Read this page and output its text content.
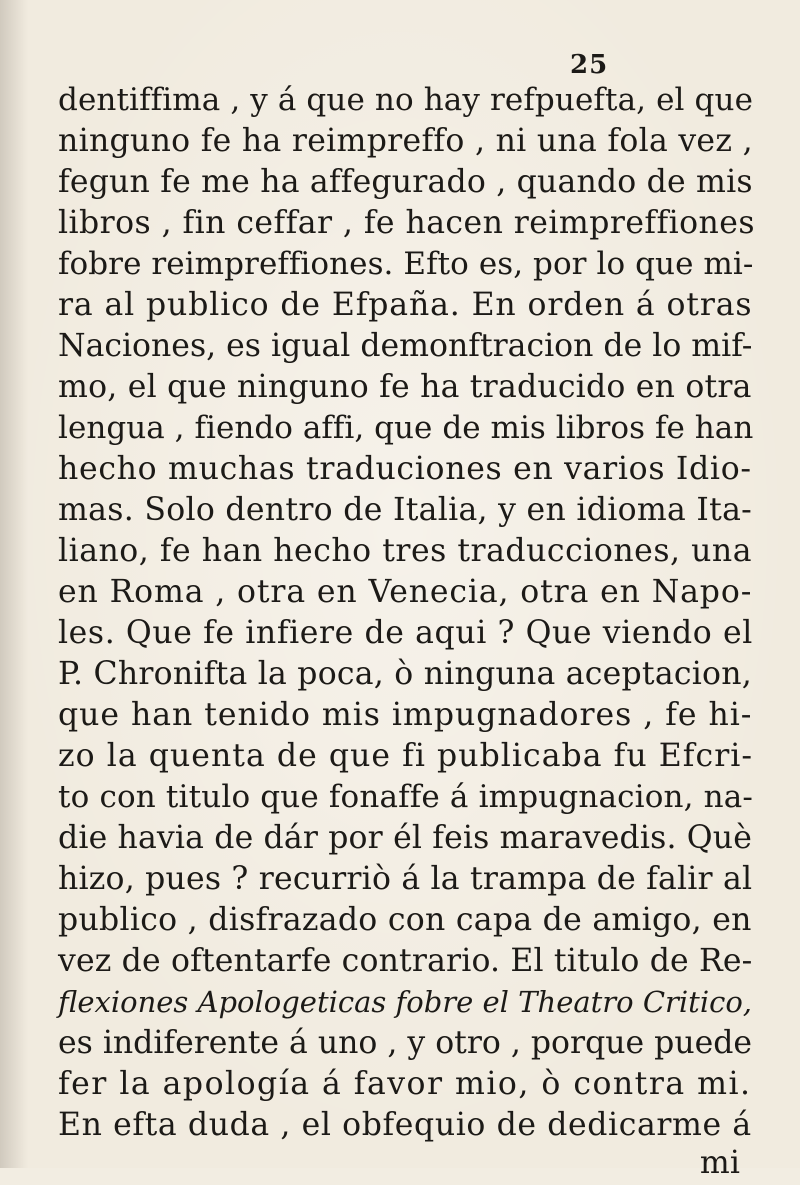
25
dentiffima , y á que no hay refpuefta, el que
ninguno fe ha reimpreffo , ni una fola vez ,
fegun fe me ha affegurado , quando de mis
libros , fin ceffar , fe hacen reimpreffiones
fobre reimpreffiones. Efto es, por lo que mi-
ra al publico de Efpaña. En orden á otras
Naciones, es igual demonftracion de lo mif-
mo, el que ninguno fe ha traducido en otra
lengua , fiendo affi, que de mis libros fe han
hecho muchas traduciones en varios Idio-
mas. Solo dentro de Italia, y en idioma Ita-
liano, fe han hecho tres traducciones, una
en Roma , otra en Venecia, otra en Napo-
les. Que fe infiere de aqui ? Que viendo el
P. Chronifta la poca, ò ninguna aceptacion,
que han tenido mis impugnadores , fe hi-
zo la quenta de que fi publicaba fu Efcri-
to con titulo que fonaffe á impugnacion, na-
die havia de dár por él feis maravedis. Què
hizo, pues ? recurriò á la trampa de falir al
publico , disfrazado con capa de amigo, en
vez de oftentarfe contrario. El titulo de Re-
flexiones Apologeticas fobre el Theatro Critico,
es indiferente á uno , y otro , porque puede
fer la apología á favor mio, ò contra mi.
En efta duda , el obfequio de dedicarme á
mi
